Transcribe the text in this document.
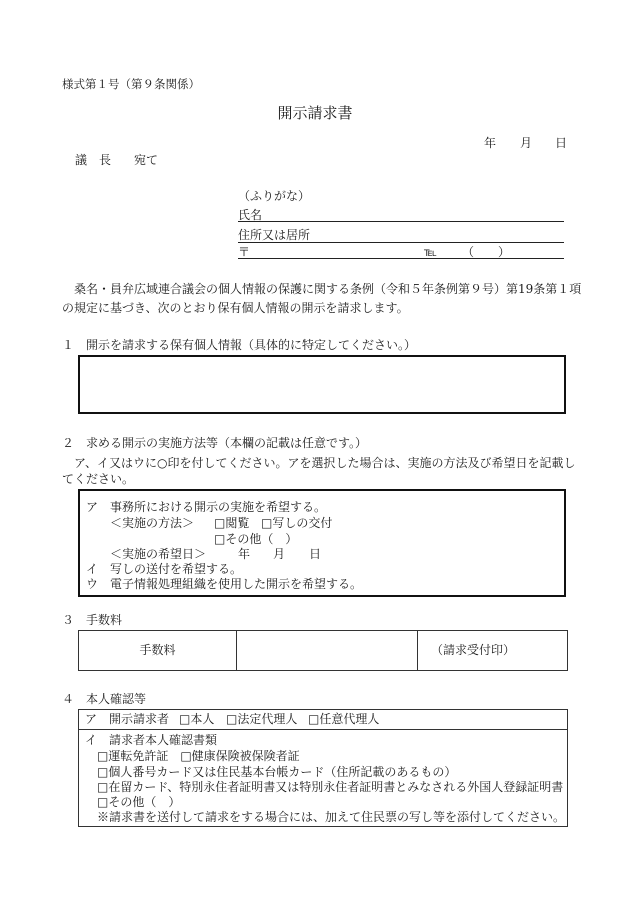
様式第１号（第９条関係）
開示請求書
年 月 日
議　長 宛て
（ふりがな）
氏名
住所又は居所
〒	℡ （　　）
　桑名・員弁広域連合議会の個人情報の保護に関する条例（令和５年条例第９号）第19条第１項
の規定に基づき、次のとおり保有個人情報の開示を請求します。
１　開示を請求する保有個人情報（具体的に特定してください。）
２　求める開示の実施方法等（本欄の記載は任意です。）
　ア、イ又はウに○印を付してください。アを選択した場合は、実施の方法及び希望日を記載し
てください。
ア　事務所における開示の実施を希望する。
＜実施の方法＞ □閲覧 □写しの交付
□その他（　）
＜実施の希望日＞	年 月 日
イ　写しの送付を希望する。
ウ　電子情報処理組織を使用した開示を希望する。
３　手数料
手数料	（請求受付印）
４　本人確認等
ア　開示請求者 □本人 □法定代理人 □任意代理人
イ　請求者本人確認書類
□運転免許証　□健康保険被保険者証
□個人番号カード又は住民基本台帳カード（住所記載のあるもの）
□在留カード、特別永住者証明書又は特別永住者証明書とみなされる外国人登録証明書
□その他（　）
※請求書を送付して請求をする場合には、加えて住民票の写し等を添付してください。
